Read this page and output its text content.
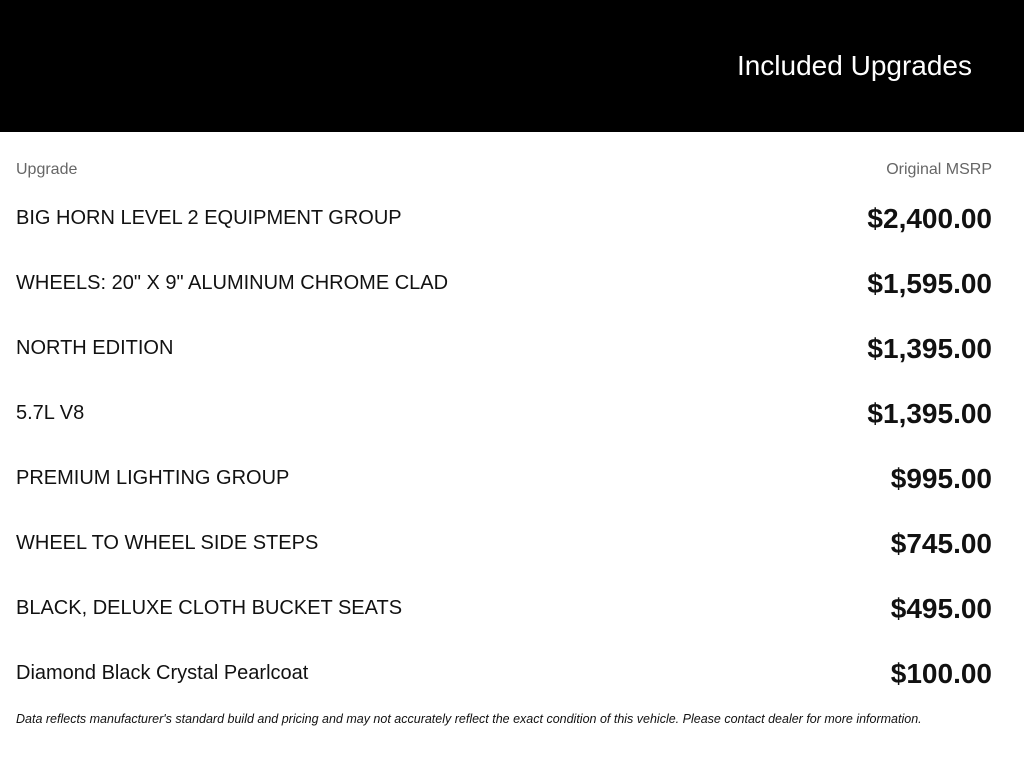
Included Upgrades
Upgrade	Original MSRP
BIG HORN LEVEL 2 EQUIPMENT GROUP	$2,400.00
WHEELS: 20" X 9" ALUMINUM CHROME CLAD	$1,595.00
NORTH EDITION	$1,395.00
5.7L V8	$1,395.00
PREMIUM LIGHTING GROUP	$995.00
WHEEL TO WHEEL SIDE STEPS	$745.00
BLACK, DELUXE CLOTH BUCKET SEATS	$495.00
Diamond Black Crystal Pearlcoat	$100.00
Data reflects manufacturer's standard build and pricing and may not accurately reflect the exact condition of this vehicle. Please contact dealer for more information.
